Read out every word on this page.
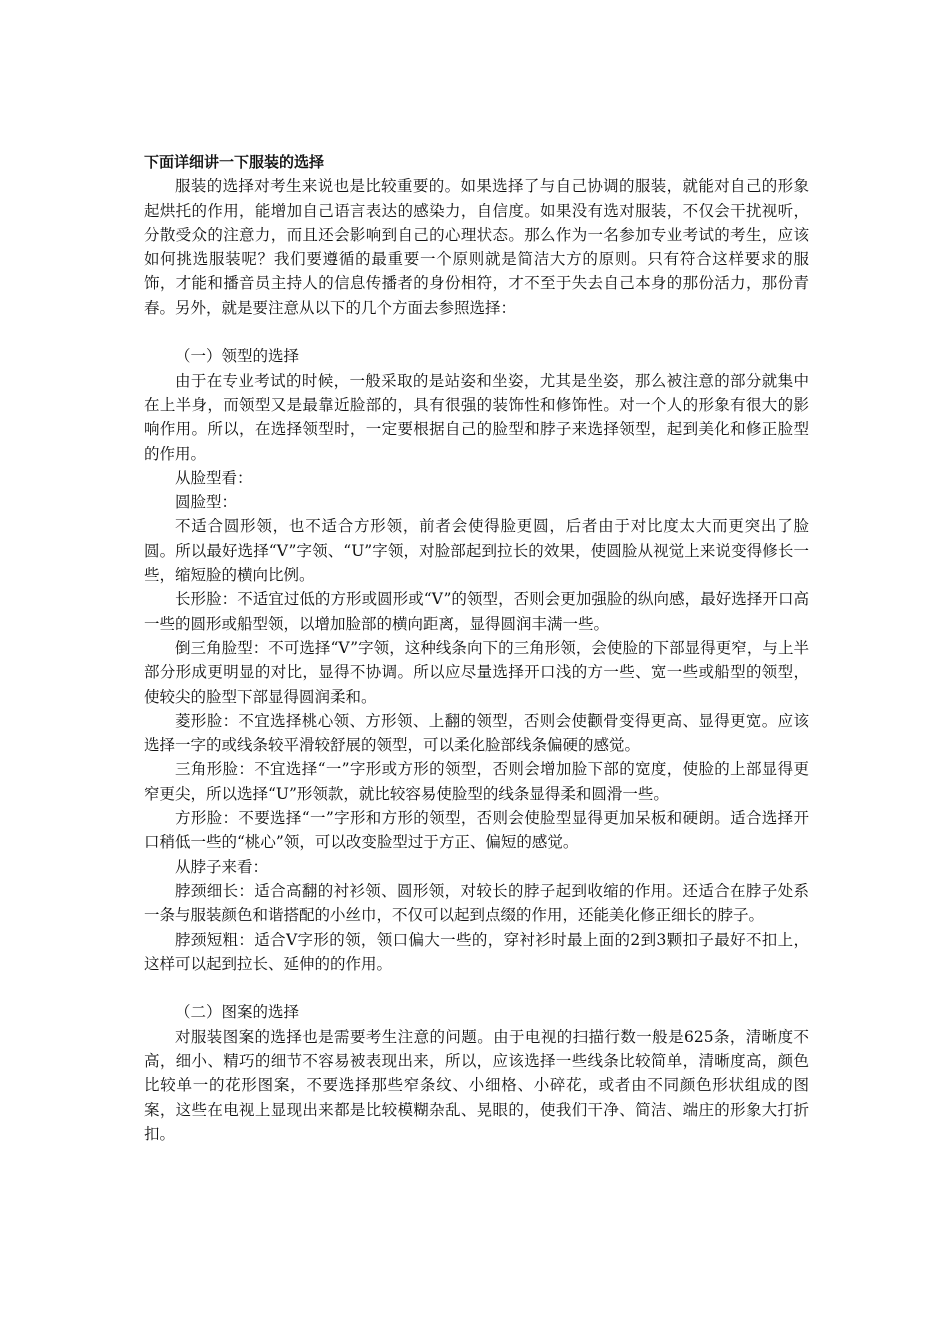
下面详细讲一下服装的选择

服装的选择对考生来说也是比较重要的。如果选择了与自己协调的服装，就能对自己的形象起烘托的作用，能增加自己语言表达的感染力，自信度。如果没有选对服装，不仅会干扰视听，分散受众的注意力，而且还会影响到自己的心理状态。那么作为一名参加专业考试的考生，应该如何挑选服装呢？我们要遵循的最重要一个原则就是简洁大方的原则。只有符合这样要求的服饰，才能和播音员主持人的信息传播者的身份相符，才不至于失去自己本身的那份活力，那份青春。另外，就是要注意从以下的几个方面去参照选择：

（一）领型的选择

由于在专业考试的时候，一般采取的是站姿和坐姿，尤其是坐姿，那么被注意的部分就集中在上半身，而领型又是最靠近脸部的，具有很强的装饰性和修饰性。对一个人的形象有很大的影响作用。所以，在选择领型时，一定要根据自己的脸型和脖子来选择领型，起到美化和修正脸型的作用。

从脸型看：

圆脸型：

不适合圆形领，也不适合方形领，前者会使得脸更圆，后者由于对比度太大而更突出了脸圆。所以最好选择“V”字领、“U”字领，对脸部起到拉长的效果，使圆脸从视觉上来说变得修长一些，缩短脸的横向比例。

长形脸：不适宜过低的方形或圆形或“V”的领型，否则会更加强脸的纵向感，最好选择开口高一些的圆形或船型领，以增加脸部的横向距离，显得圆润丰满一些。

倒三角脸型：不可选择“V”字领，这种线条向下的三角形领，会使脸的下部显得更窄，与上半部分形成更明显的对比，显得不协调。所以应尽量选择开口浅的方一些、宽一些或船型的领型，使较尖的脸型下部显得圆润柔和。

菱形脸：不宜选择桃心领、方形领、上翻的领型，否则会使颧骨变得更高、显得更宽。应该选择一字的或线条较平滑较舒展的领型，可以柔化脸部线条偏硬的感觉。

三角形脸：不宜选择“一”字形或方形的领型，否则会增加脸下部的宽度，使脸的上部显得更窄更尖，所以选择“U”形领款，就比较容易使脸型的线条显得柔和圆滑一些。

方形脸：不要选择“一”字形和方形的领型，否则会使脸型显得更加呆板和硬朗。适合选择开口稍低一些的“桃心”领，可以改变脸型过于方正、偏短的感觉。

从脖子来看：

脖颈细长：适合高翻的衬衫领、圆形领，对较长的脖子起到收缩的作用。还适合在脖子处系一条与服装颜色和谐搭配的小丝巾，不仅可以起到点缀的作用，还能美化修正细长的脖子。

脖颈短粗：适合V字形的领，领口偏大一些的，穿衬衫时最上面的2到3颗扣子最好不扣上，这样可以起到拉长、延伸的的作用。

（二）图案的选择

对服装图案的选择也是需要考生注意的问题。由于电视的扫描行数一般是625条，清晰度不高，细小、精巧的细节不容易被表现出来，所以，应该选择一些线条比较简单，清晰度高，颜色比较单一的花形图案，不要选择那些窄条纹、小细格、小碎花，或者由不同颜色形状组成的图案，这些在电视上显现出来都是比较模糊杂乱、晃眼的，使我们干净、简洁、端庄的形象大打折扣。
